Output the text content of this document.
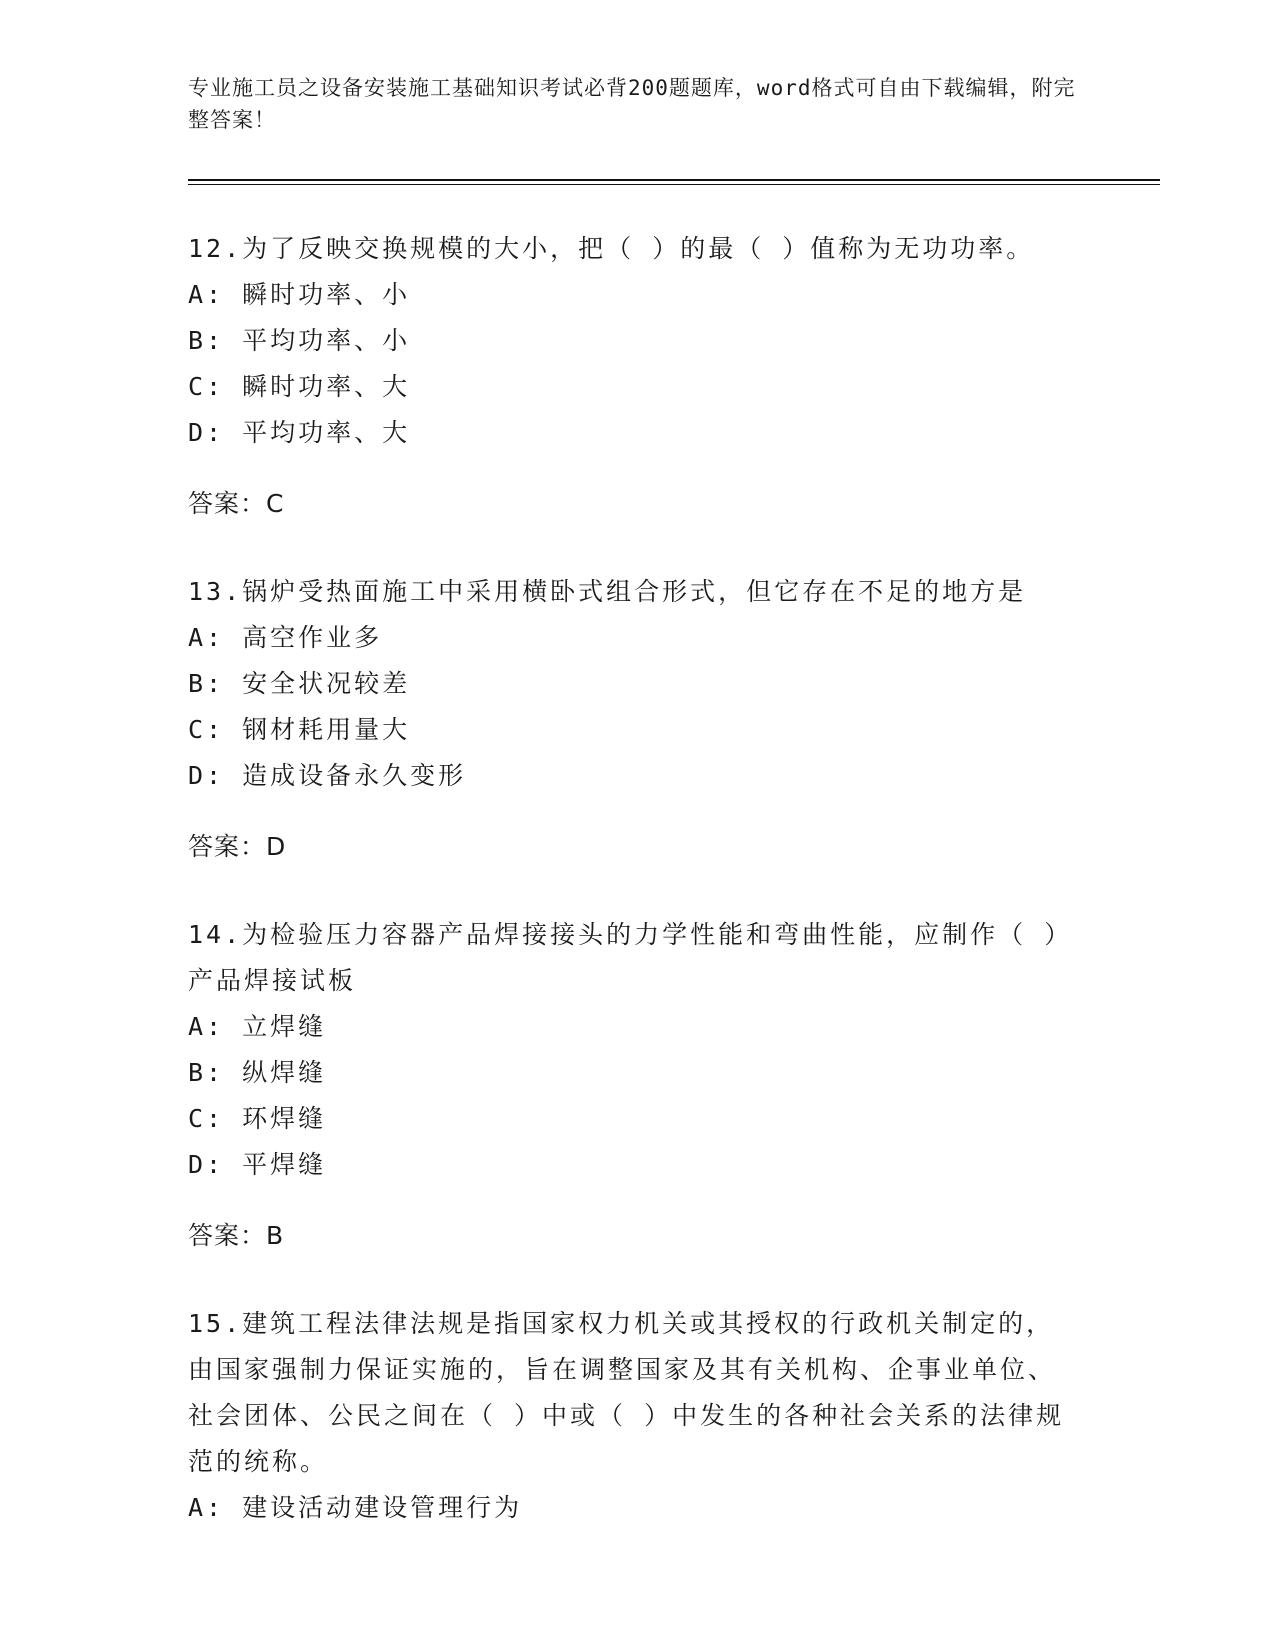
专业施工员之设备安装施工基础知识考试必背200题题库，word格式可自由下载编辑，附完整答案！

12.为了反映交换规模的大小，把（ ）的最（ ）值称为无功功率。

A: 瞬时功率、小

B: 平均功率、小

C: 瞬时功率、大

D: 平均功率、大

答案：C

13.锅炉受热面施工中采用横卧式组合形式，但它存在不足的地方是

A: 高空作业多

B: 安全状况较差

C: 钢材耗用量大

D: 造成设备永久变形

答案：D

14.为检验压力容器产品焊接接头的力学性能和弯曲性能，应制作（ ）产品焊接试板

A: 立焊缝

B: 纵焊缝

C: 环焊缝

D: 平焊缝

答案：B

15.建筑工程法律法规是指国家权力机关或其授权的行政机关制定的，由国家强制力保证实施的，旨在调整国家及其有关机构、企事业单位、社会团体、公民之间在（ ）中或（ ）中发生的各种社会关系的法律规范的统称。

A: 建设活动建设管理行为
